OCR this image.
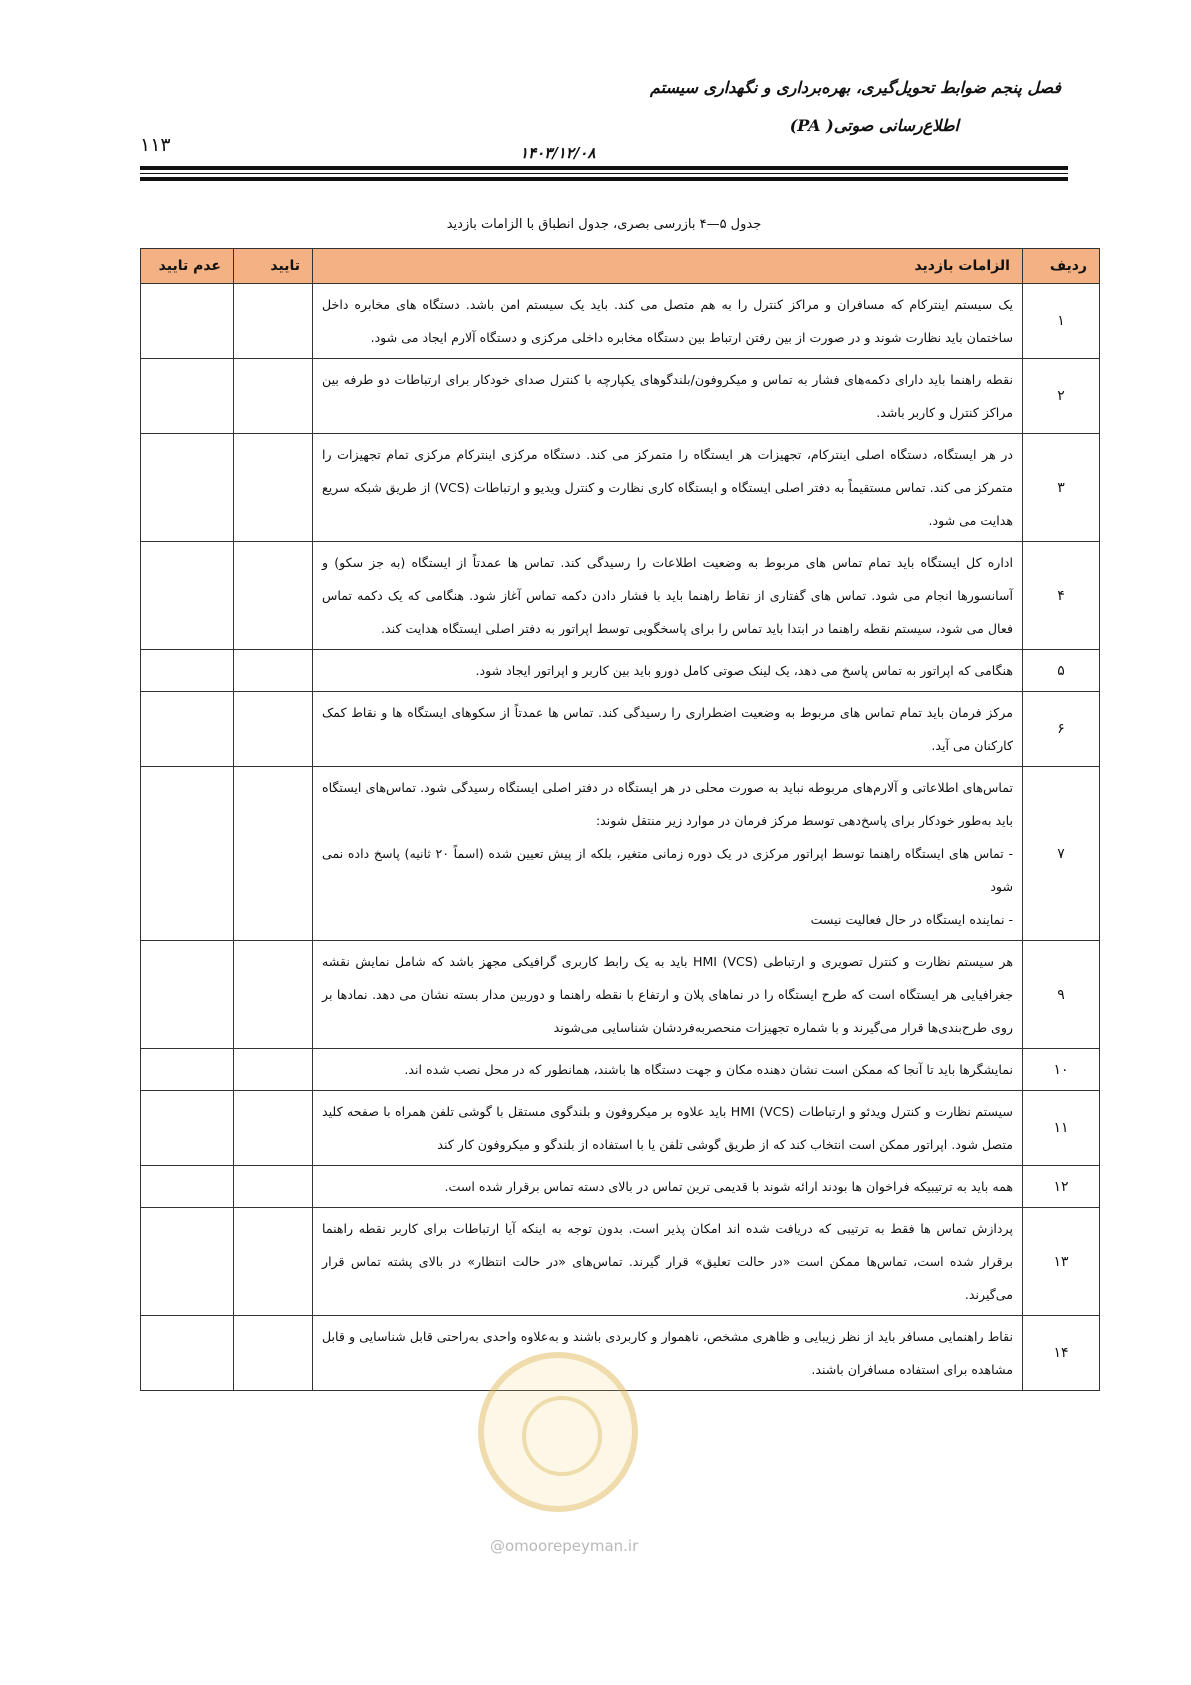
فصل پنجم ضوابط تحویل‌گیری، بهره‌برداری و نگهداری سیستم
اطلاع‌رسانی صوتی( PA)
۱۴۰۳/۱۲/۰۸
۱۱۳
جدول ۵—۴ بازرسی بصری، جدول انطباق با الزامات بازدید
ردیف	الزامات بازدید	تایید	عدم تایید
۱	یک سیستم اینترکام که مسافران و مراکز کنترل را به هم متصل می کند. باید یک سیستم امن باشد. دستگاه های مخابره داخل ساختمان باید نظارت شوند و در صورت از بین رفتن ارتباط بین دستگاه مخابره داخلی مرکزی و دستگاه آلارم ایجاد می شود.		
۲	نقطه راهنما باید دارای دکمه‌های فشار به تماس و میکروفون/بلندگوهای یکپارچه با کنترل صدای خودکار برای ارتباطات دو طرفه بین مراکز کنترل و کاربر باشد.		
۳	در هر ایستگاه، دستگاه اصلی اینترکام، تجهیزات هر ایستگاه را متمرکز می کند. دستگاه مرکزی اینترکام مرکزی تمام تجهیزات را متمرکز می کند. تماس مستقیماً به دفتر اصلی ایستگاه و ایستگاه کاری نظارت و کنترل ویدیو و ارتباطات (VCS) از طریق شبکه سریع هدایت می شود.		
۴	اداره کل ایستگاه باید تمام تماس های مربوط به وضعیت اطلاعات را رسیدگی کند. تماس ها عمدتاً از ایستگاه (به جز سکو) و آسانسورها انجام می شود. تماس های گفتاری از نقاط راهنما باید با فشار دادن دکمه تماس آغاز شود. هنگامی که یک دکمه تماس فعال می شود، سیستم نقطه راهنما در ابتدا باید تماس را برای پاسخگویی توسط اپراتور به دفتر اصلی ایستگاه هدایت کند.		
۵	هنگامی که اپراتور به تماس پاسخ می دهد، یک لینک صوتی کامل دورو باید بین کاربر و اپراتور ایجاد شود.		
۶	مرکز فرمان باید تمام تماس های مربوط به وضعیت اضطراری را رسیدگی کند. تماس ها عمدتاً از سکوهای ایستگاه ها و نقاط کمک کارکنان می آید.		
۷	تماس‌های اطلاعاتی و آلارم‌های مربوطه نباید به صورت محلی در هر ایستگاه در دفتر اصلی ایستگاه رسیدگی شود. تماس‌های ایستگاه باید به‌طور خودکار برای پاسخ‌دهی توسط مرکز فرمان در موارد زیر منتقل شوند:
- تماس های ایستگاه راهنما توسط اپراتور مرکزی در یک دوره زمانی متغیر، بلکه از پیش تعیین شده (اسماً ۲۰ ثانیه) پاسخ داده نمی شود
- نماینده ایستگاه در حال فعالیت نیست		

۹	هر سیستم نظارت و کنترل تصویری و ارتباطی HMI (VCS) باید به یک رابط کاربری گرافیکی مجهز باشد که شامل نمایش نقشه جغرافیایی هر ایستگاه است که طرح ایستگاه را در نماهای پلان و ارتفاع با نقطه راهنما و دوربین مدار بسته نشان می دهد. نمادها بر روی طرح‌بندی‌ها قرار می‌گیرند و با شماره تجهیزات منحصربه‌فردشان شناسایی می‌شوند		
۱۰	نمایشگرها باید تا آنجا که ممکن است نشان دهنده مکان و جهت دستگاه ها باشند، همانطور که در محل نصب شده اند.		
۱۱	سیستم نظارت و کنترل ویدئو و ارتباطات HMI (VCS) باید علاوه بر میکروفون و بلندگوی مستقل با گوشی تلفن همراه با صفحه کلید متصل شود. اپراتور ممکن است انتخاب کند که از طریق گوشی تلفن یا با استفاده از بلندگو و میکروفون کار کند		
۱۲	همه باید به ترتیبیکه فراخوان ها بودند ارائه شوند با قدیمی ترین تماس در بالای دسته تماس برقرار شده است.		
۱۳	پردازش تماس ها فقط به ترتیبی که دریافت شده اند امکان پذیر است. بدون توجه به اینکه آیا ارتباطات برای کاربر نقطه راهنما برقرار شده است، تماس‌ها ممکن است «در حالت تعلیق» قرار گیرند. تماس‌های «در حالت انتظار» در بالای پشته تماس قرار می‌گیرند.		
۱۴	نقاط راهنمایی مسافر باید از نظر زیبایی و ظاهری مشخص، ناهموار و کاربردی باشند و به‌علاوه واحدی به‌راحتی قابل شناسایی و قابل مشاهده برای استفاده مسافران باشند.		
@omoorepeyman.ir
